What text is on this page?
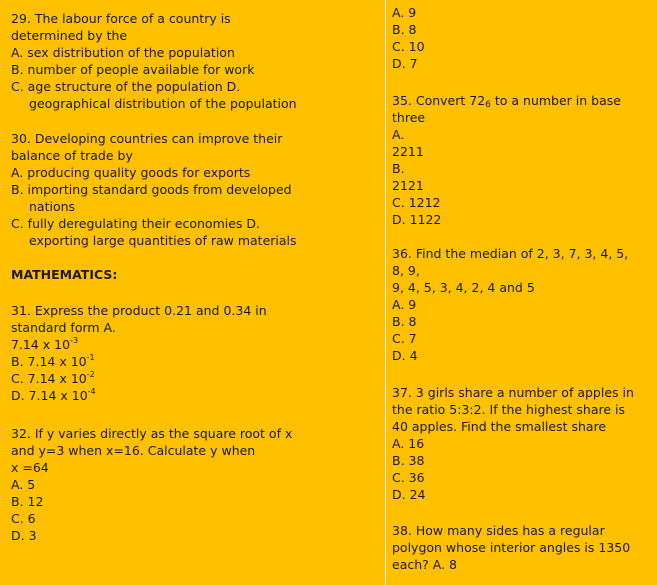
29. The labour force of a country is
determined by the
A. sex distribution of the population
B. number of people available for work
C. age structure of the population D.
geographical distribution of the population
30. Developing countries can improve their
balance of trade by
A. producing quality goods for exports
B. importing standard goods from developed
nations
C. fully deregulating their economies D.
exporting large quantities of raw materials
MATHEMATICS:
31. Express the product 0.21 and 0.34 in
standard form A.
7.14 x $10^{-3}$
B. 7.14 x $10^{-1}$
C. 7.14 x $10^{-2}$
D. 7.14 x $10^{-4}$
32. If y varies directly as the square root of x
and y=3 when x=16. Calculate y when
x =64
A. 5
B. 12
C. 6
D. 3
A. 9
B. 8
C. 10
D. 7
35. Convert 726 to a number in base
three
A.
2211
B.
2121
C. 1212
D. 1122
36. Find the median of 2, 3, 7, 3, 4, 5,
8, 9,
9, 4, 5, 3, 4, 2, 4 and 5
A. 9
B. 8
C. 7
D. 4
37. 3 girls share a number of apples in
the ratio 5:3:2. If the highest share is
40 apples. Find the smallest share
A. 16
B. 38
C. 36
D. 24
38. How many sides has a regular
polygon whose interior angles is 1350
each? A. 8
